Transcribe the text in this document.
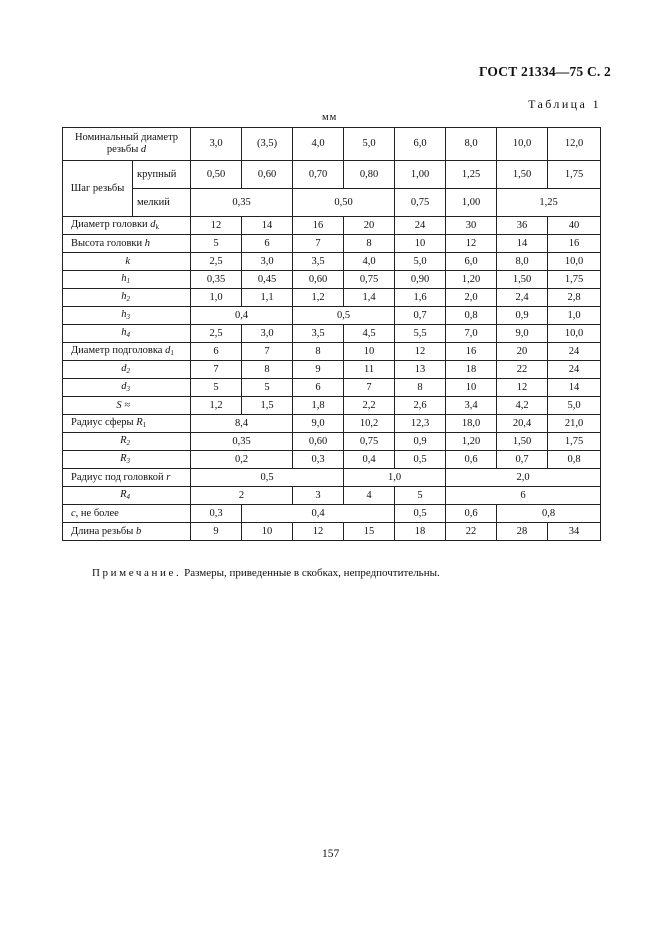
ГОСТ 21334—75 С. 2
Таблица 1
мм
Номинальный диаметр резьбы d		3,0	(3,5)	4,0	5,0	6,0	8,0	10,0	12,0
Шаг резьбы	крупный	0,50	0,60	0,70	0,80	1,00	1,25	1,50	1,75
	мелкий	0,35		0,50		0,75	1,00	1,25	
Диаметр головки $d_k$		12	14	16	20	24	30	36	40
Высота головки h		5	6	7	8	10	12	14	16
k		2,5	3,0	3,5	4,0	5,0	6,0	8,0	10,0
$h_1$		0,35	0,45	0,60	0,75	0,90	1,20	1,50	1,75
$h_2$		1,0	1,1	1,2	1,4	1,6	2,0	2,4	2,8
$h_3$		0,4		0,5		0,7	0,8	0,9	1,0
$h_4$		2,5	3,0	3,5	4,5	5,5	7,0	9,0	10,0
Диаметр подголовка $d_1$		6	7	8	10	12	16	20	24
$d_2$		7	8	9	11	13	18	22	24
$d_3$		5	5	6	7	8	10	12	14
S ≈		1,2	1,5	1,8	2,2	2,6	3,4	4,2	5,0
Радиус сферы $R_1$		8,4		9,0	10,2	12,3	18,0	20,4	21,0
$R_2$		0,35		0,60	0,75	0,9	1,20	1,50	1,75
$R_3$		0,2		0,3	0,4	0,5	0,6	0,7	0,8
Радиус под головкой r		0,5			1,0		2,0		
$R_4$		2		3	4	5	6		
c, не более		0,3	0,4			0,5	0,6	0,8	
Длина резьбы b		9	10	12	15	18	22	28	34
Примечание. Размеры, приведенные в скобках, непредпочтительны.
157
